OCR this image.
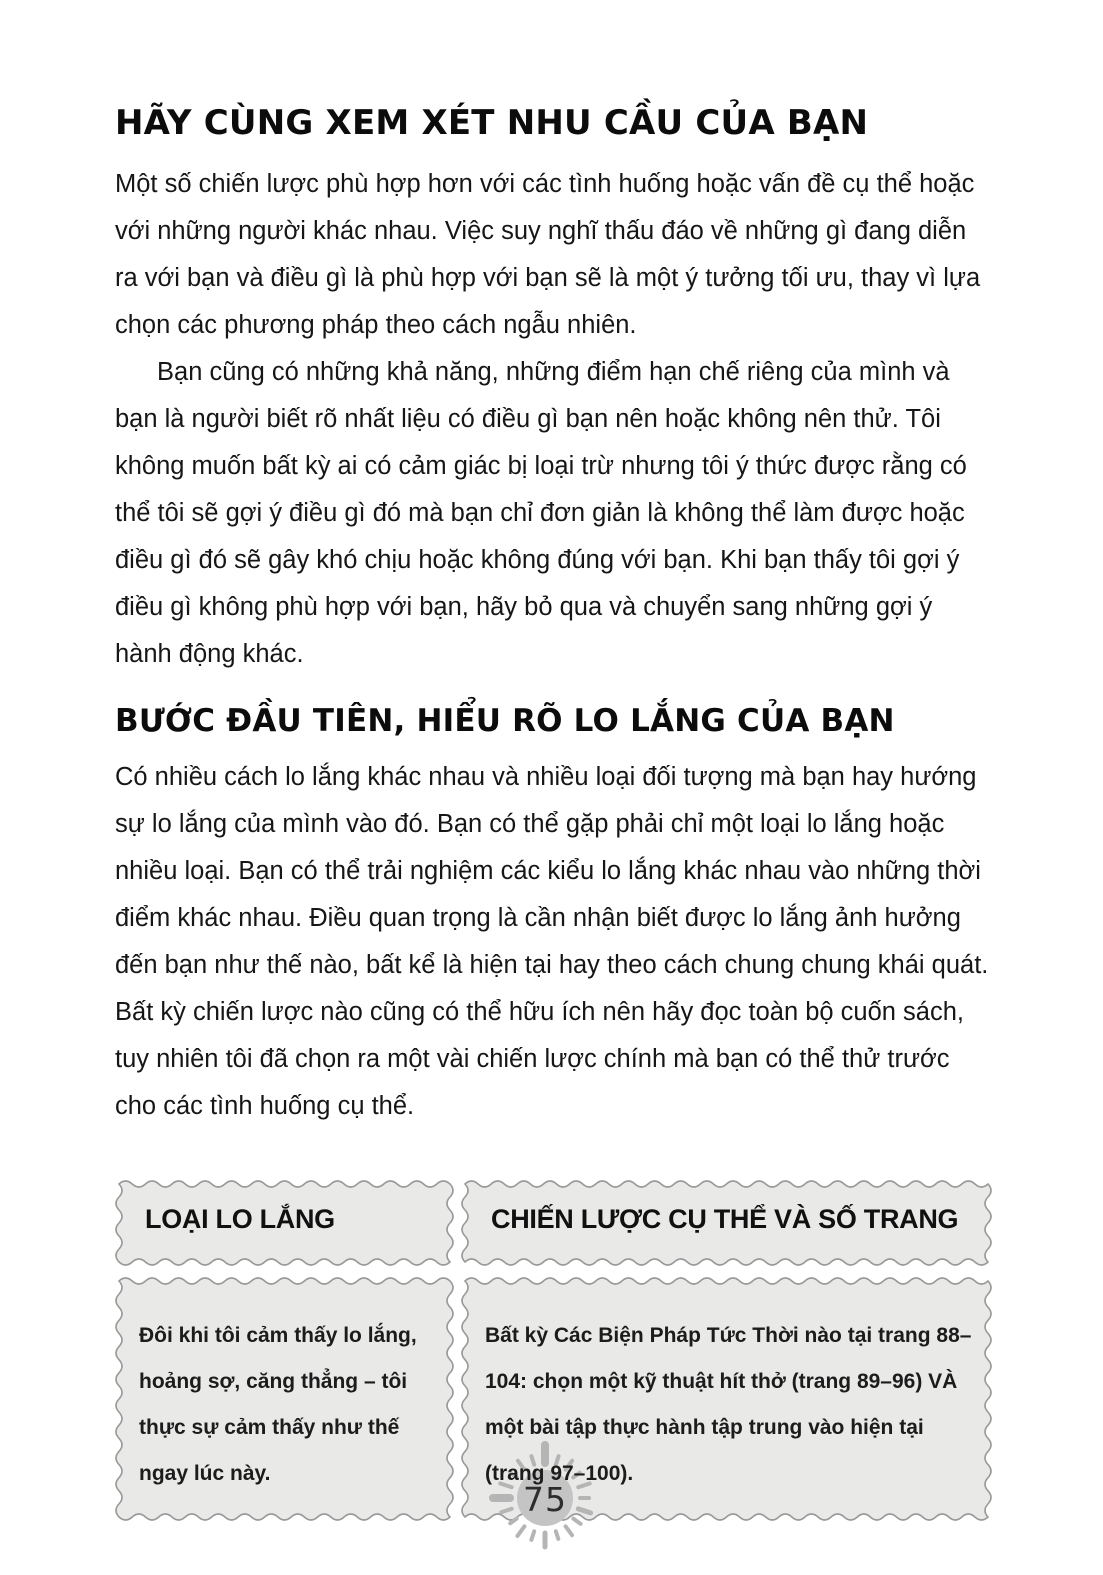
HÃY CÙNG XEM XÉT NHU CẦU CỦA BẠN

Một số chiến lược phù hợp hơn với các tình huống hoặc vấn đề cụ thể hoặc với những người khác nhau. Việc suy nghĩ thấu đáo về những gì đang diễn ra với bạn và điều gì là phù hợp với bạn sẽ là một ý tưởng tối ưu, thay vì lựa chọn các phương pháp theo cách ngẫu nhiên.

Bạn cũng có những khả năng, những điểm hạn chế riêng của mình và bạn là người biết rõ nhất liệu có điều gì bạn nên hoặc không nên thử. Tôi không muốn bất kỳ ai có cảm giác bị loại trừ nhưng tôi ý thức được rằng có thể tôi sẽ gợi ý điều gì đó mà bạn chỉ đơn giản là không thể làm được hoặc điều gì đó sẽ gây khó chịu hoặc không đúng với bạn. Khi bạn thấy tôi gợi ý điều gì không phù hợp với bạn, hãy bỏ qua và chuyển sang những gợi ý hành động khác.

BƯỚC ĐẦU TIÊN, HIỂU RÕ LO LẮNG CỦA BẠN

Có nhiều cách lo lắng khác nhau và nhiều loại đối tượng mà bạn hay hướng sự lo lắng của mình vào đó. Bạn có thể gặp phải chỉ một loại lo lắng hoặc nhiều loại. Bạn có thể trải nghiệm các kiểu lo lắng khác nhau vào những thời điểm khác nhau. Điều quan trọng là cần nhận biết được lo lắng ảnh hưởng đến bạn như thế nào, bất kể là hiện tại hay theo cách chung chung khái quát. Bất kỳ chiến lược nào cũng có thể hữu ích nên hãy đọc toàn bộ cuốn sách, tuy nhiên tôi đã chọn ra một vài chiến lược chính mà bạn có thể thử trước cho các tình huống cụ thể.

LOẠI LO LẮNG	CHIẾN LƯỢC CỤ THỂ VÀ SỐ TRANG
Đôi khi tôi cảm thấy lo lắng, hoảng sợ, căng thẳng – tôi thực sự cảm thấy như thế ngay lúc này.
Bất kỳ Các Biện Pháp Tức Thời nào tại trang 88–104: chọn một kỹ thuật hít thở (trang 89–96) VÀ một bài tập thực hành tập trung vào hiện tại (trang 97–100).
75
